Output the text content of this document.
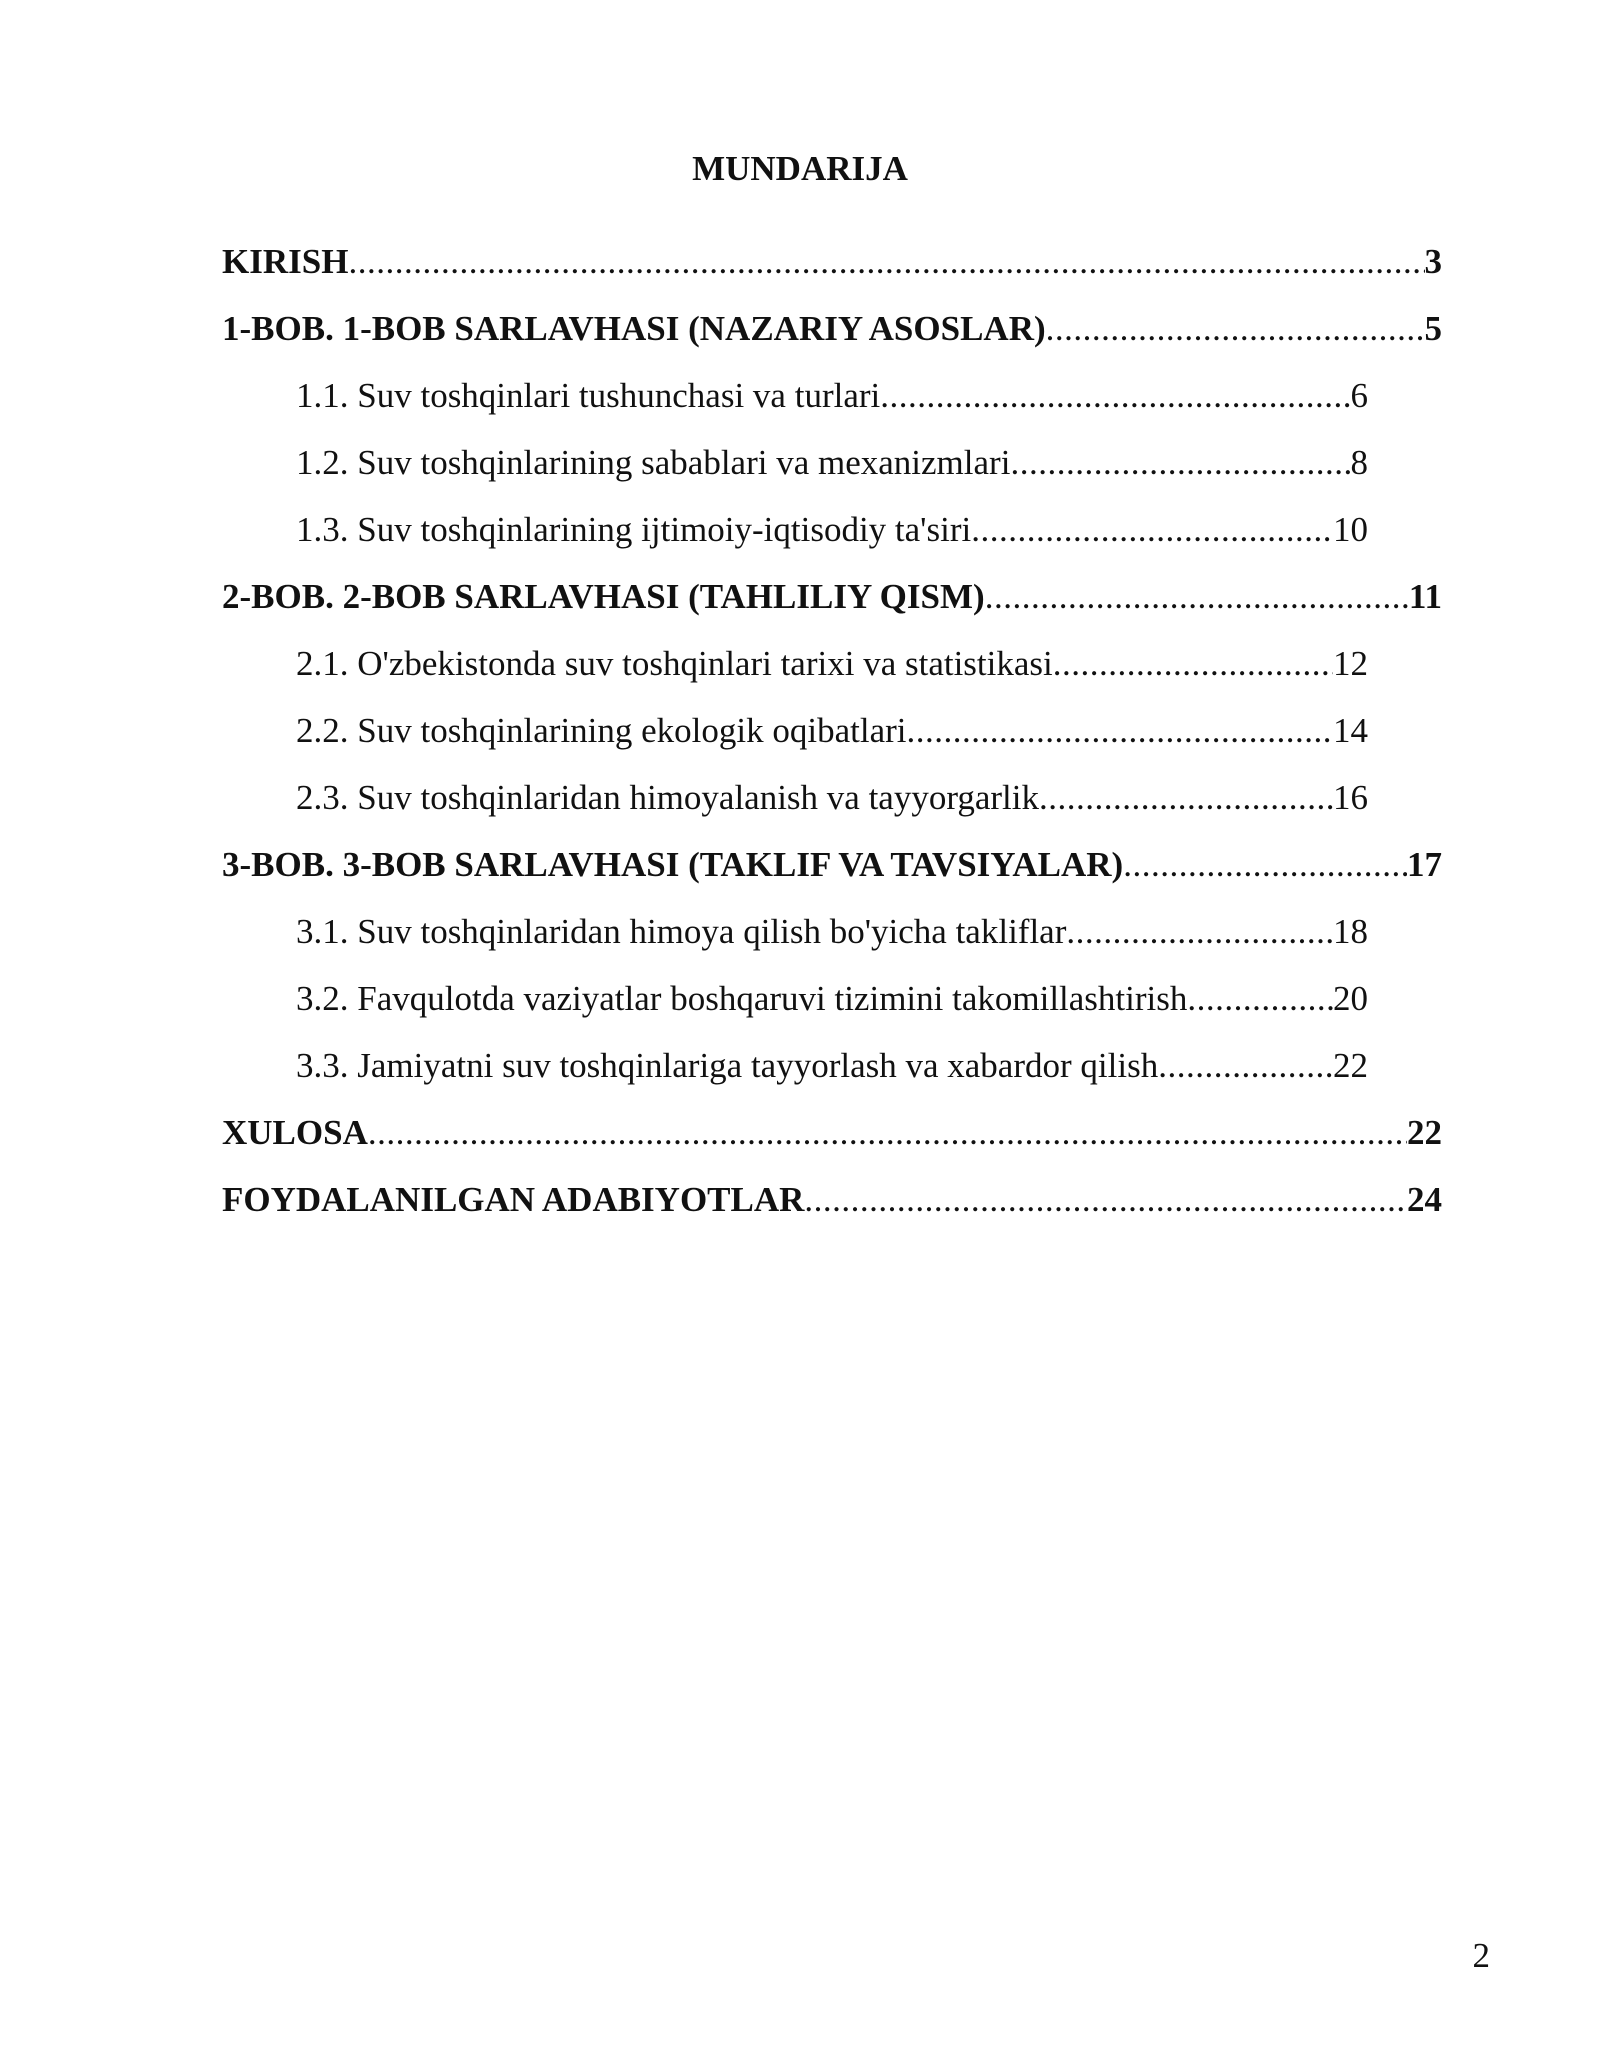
MUNDARIJA
KIRISH .....	3
1-BOB. 1-BOB SARLAVHASI (NAZARIY ASOSLAR) .....	5
1.1. Suv toshqinlari tushunchasi va turlari .....	6
1.2. Suv toshqinlarining sabablari va mexanizmlari .....	8
1.3. Suv toshqinlarining ijtimoiy-iqtisodiy ta'siri .....	10
2-BOB. 2-BOB SARLAVHASI (TAHLILIY QISM) .....	11
2.1. O'zbekistonda suv toshqinlari tarixi va statistikasi .....	12
2.2. Suv toshqinlarining ekologik oqibatlari .....	14
2.3. Suv toshqinlaridan himoyalanish va tayyorgarlik .....	16
3-BOB. 3-BOB SARLAVHASI (TAKLIF VA TAVSIYALAR) .....	17
3.1. Suv toshqinlaridan himoya qilish bo'yicha takliflar .....	18
3.2. Favqulotda vaziyatlar boshqaruvi tizimini takomillashtirish .....	20
3.3. Jamiyatni suv toshqinlariga tayyorlash va xabardor qilish .....	22
XULOSA .....	22
FOYDALANILGAN ADABIYOTLAR .....	24
2
